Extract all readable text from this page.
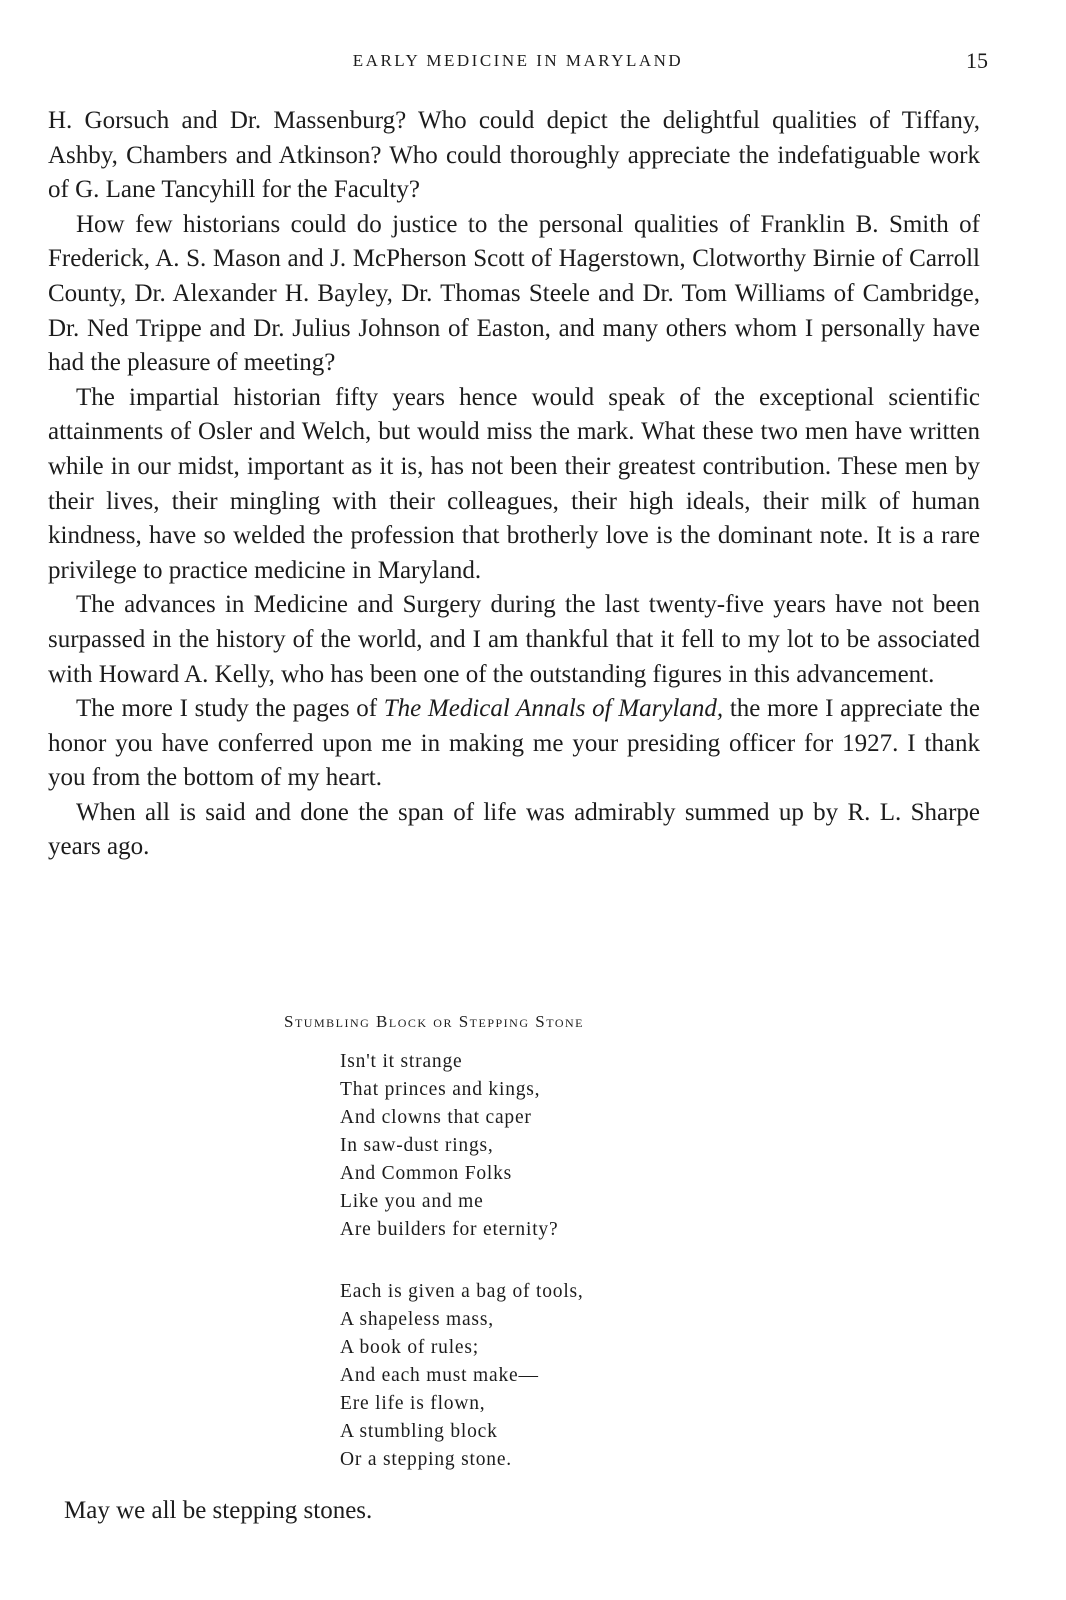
EARLY MEDICINE IN MARYLAND	15

H. Gorsuch and Dr. Massenburg? Who could depict the delightful qualities of Tiffany, Ashby, Chambers and Atkinson? Who could thoroughly appreciate the indefatiguable work of G. Lane Tancyhill for the Faculty?

How few historians could do justice to the personal qualities of Franklin B. Smith of Frederick, A. S. Mason and J. McPherson Scott of Hagerstown, Clotworthy Birnie of Carroll County, Dr. Alexander H. Bayley, Dr. Thomas Steele and Dr. Tom Williams of Cambridge, Dr. Ned Trippe and Dr. Julius Johnson of Easton, and many others whom I personally have had the pleasure of meeting?

The impartial historian fifty years hence would speak of the exceptional scientific attainments of Osler and Welch, but would miss the mark. What these two men have written while in our midst, important as it is, has not been their greatest contribution. These men by their lives, their mingling with their colleagues, their high ideals, their milk of human kindness, have so welded the profession that brotherly love is the dominant note. It is a rare privilege to practice medicine in Maryland.

The advances in Medicine and Surgery during the last twenty-five years have not been surpassed in the history of the world, and I am thankful that it fell to my lot to be associated with Howard A. Kelly, who has been one of the outstanding figures in this advancement.

The more I study the pages of The Medical Annals of Maryland, the more I appreciate the honor you have conferred upon me in making me your presiding officer for 1927. I thank you from the bottom of my heart.

When all is said and done the span of life was admirably summed up by R. L. Sharpe years ago.

Stumbling Block or Stepping Stone
Isn't it strange
That princes and kings,
And clowns that caper
In saw-dust rings,
And Common Folks
Like you and me
Are builders for eternity?
Each is given a bag of tools,
A shapeless mass,
A book of rules;
And each must make—
Ere life is flown,
A stumbling block
Or a stepping stone.
May we all be stepping stones.
